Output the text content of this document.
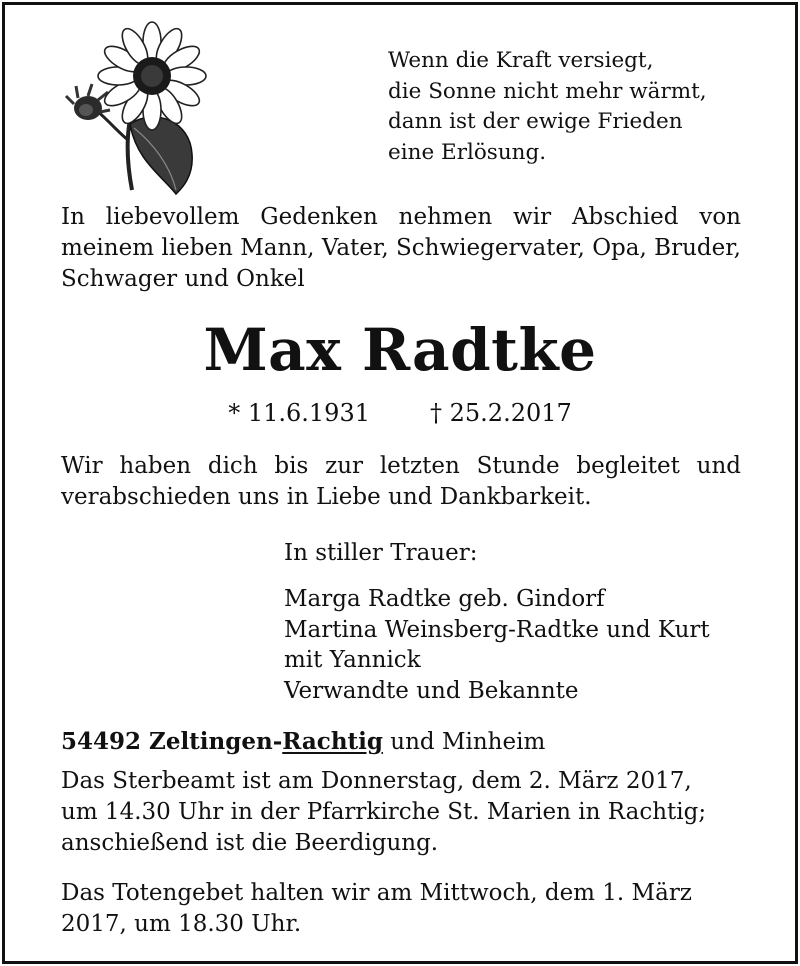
Wenn die Kraft versiegt,
die Sonne nicht mehr wärmt,
dann ist der ewige Frieden
eine Erlösung.
In liebevollem Gedenken nehmen wir Abschied von meinem lieben Mann, Vater, Schwiegervater, Opa, Bruder, Schwager und Onkel
Max Radtke
* 11.6.1931	† 25.2.2017
Wir haben dich bis zur letzten Stunde begleitet und verabschieden uns in Liebe und Dankbarkeit.
In stiller Trauer:
Marga Radtke geb. Gindorf
Martina Weinsberg-Radtke und Kurt
mit Yannick
Verwandte und Bekannte
54492 Zeltingen-Rachtig und Minheim
Das Sterbeamt ist am Donnerstag, dem 2. März 2017,
um 14.30 Uhr in der Pfarrkirche St. Marien in Rachtig;
anschießend ist die Beerdigung.
Das Totengebet halten wir am Mittwoch, dem 1. März
2017, um 18.30 Uhr.
